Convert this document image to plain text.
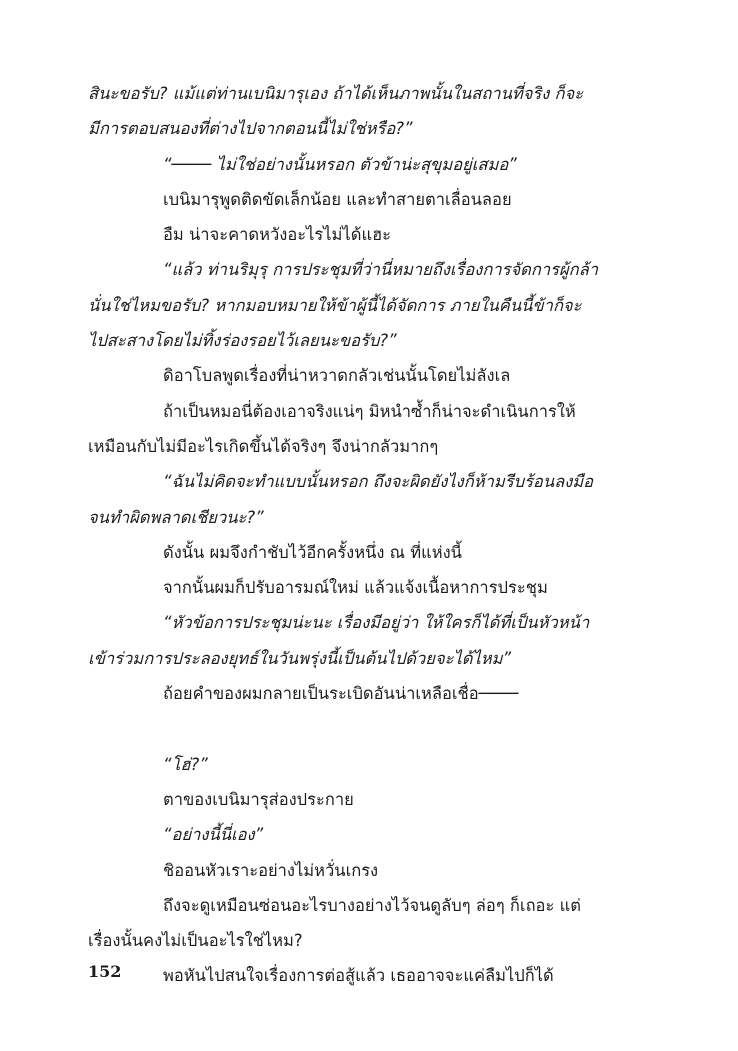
สินะขอรับ? แม้แต่ท่านเบนิมารุเอง ถ้าได้เห็นภาพนั้นในสถานที่จริง ก็จะ
มีการตอบสนองที่ต่างไปจากตอนนี้ไม่ใช่หรือ?”
“──── ไม่ใช่อย่างนั้นหรอก ตัวข้าน่ะสุขุมอยู่เสมอ”
เบนิมารุพูดติดขัดเล็กน้อย และทำสายตาเลื่อนลอย
อืม น่าจะคาดหวังอะไรไม่ได้แฮะ
“แล้ว ท่านริมุรุ การประชุมที่ว่านี่หมายถึงเรื่องการจัดการผู้กล้า
นั่นใช่ไหมขอรับ? หากมอบหมายให้ข้าผู้นี้ได้จัดการ ภายในคืนนี้ข้าก็จะ
ไปสะสางโดยไม่ทิ้งร่องรอยไว้เลยนะขอรับ?”
ดิอาโบลพูดเรื่องที่น่าหวาดกลัวเช่นนั้นโดยไม่ลังเล
ถ้าเป็นหมอนี่ต้องเอาจริงแน่ๆ มิหนำซ้ำก็น่าจะดำเนินการให้
เหมือนกับไม่มีอะไรเกิดขึ้นได้จริงๆ จึงน่ากลัวมากๆ
“ฉันไม่คิดจะทำแบบนั้นหรอก ถึงจะผิดยังไงก็ห้ามรีบร้อนลงมือ
จนทำผิดพลาดเชียวนะ?”
ดังนั้น ผมจึงกำชับไว้อีกครั้งหนึ่ง ณ ที่แห่งนี้
จากนั้นผมก็ปรับอารมณ์ใหม่ แล้วแจ้งเนื้อหาการประชุม
“หัวข้อการประชุมน่ะนะ เรื่องมีอยู่ว่า ให้ใครก็ได้ที่เป็นหัวหน้า
เข้าร่วมการประลองยุทธ์ในวันพรุ่งนี้เป็นต้นไปด้วยจะได้ไหม”
ถ้อยคำของผมกลายเป็นระเบิดอันน่าเหลือเชื่อ────
“โฮ่?”
ตาของเบนิมารุส่องประกาย
“อย่างนี้นี่เอง”
ชิออนหัวเราะอย่างไม่หวั่นเกรง
ถึงจะดูเหมือนซ่อนอะไรบางอย่างไว้จนดูลับๆ ล่อๆ ก็เถอะ แต่
เรื่องนั้นคงไม่เป็นอะไรใช่ไหม?
พอหันไปสนใจเรื่องการต่อสู้แล้ว เธออาจจะแค่ลืมไปก็ได้
152
